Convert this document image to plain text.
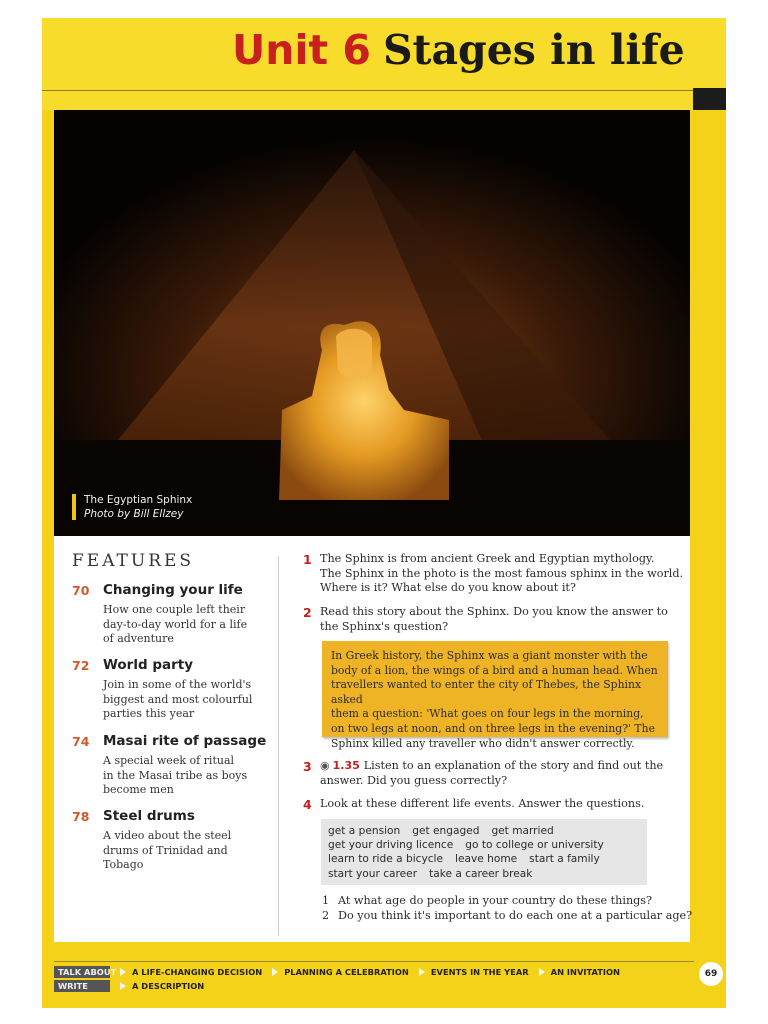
Unit 6 Stages in life
The Egyptian Sphinx
Photo by Bill Ellzey
FEATURES
70 Changing your life
How one couple left their
day-to-day world for a life
of adventure
72 World party
Join in some of the world's
biggest and most colourful
parties this year
74 Masai rite of passage
A special week of ritual
in the Masai tribe as boys
become men
78 Steel drums
A video about the steel
drums of Trinidad and
Tobago
1 The Sphinx is from ancient Greek and Egyptian mythology.
The Sphinx in the photo is the most famous sphinx in the world.
Where is it? What else do you know about it?
2 Read this story about the Sphinx. Do you know the answer to
the Sphinx's question?
In Greek history, the Sphinx was a giant monster with the
body of a lion, the wings of a bird and a human head. When
travellers wanted to enter the city of Thebes, the Sphinx asked
them a question: 'What goes on four legs in the morning,
on two legs at noon, and on three legs in the evening?' The
Sphinx killed any traveller who didn't answer correctly.
3 ◉ 1.35 Listen to an explanation of the story and find out the
answer. Did you guess correctly?
4 Look at these different life events. Answer the questions.
get a pension get engaged get married
get your driving licence go to college or university
learn to ride a bicycle leave home start a family
start your career take a career break
1 At what age do people in your country do these things?
2 Do you think it's important to do each one at a particular age?
TALK ABOUT A LIFE-CHANGING DECISION	PLANNING A CELEBRATION	EVENTS IN THE YEAR	AN INVITATION
WRITE	A DESCRIPTION
69
